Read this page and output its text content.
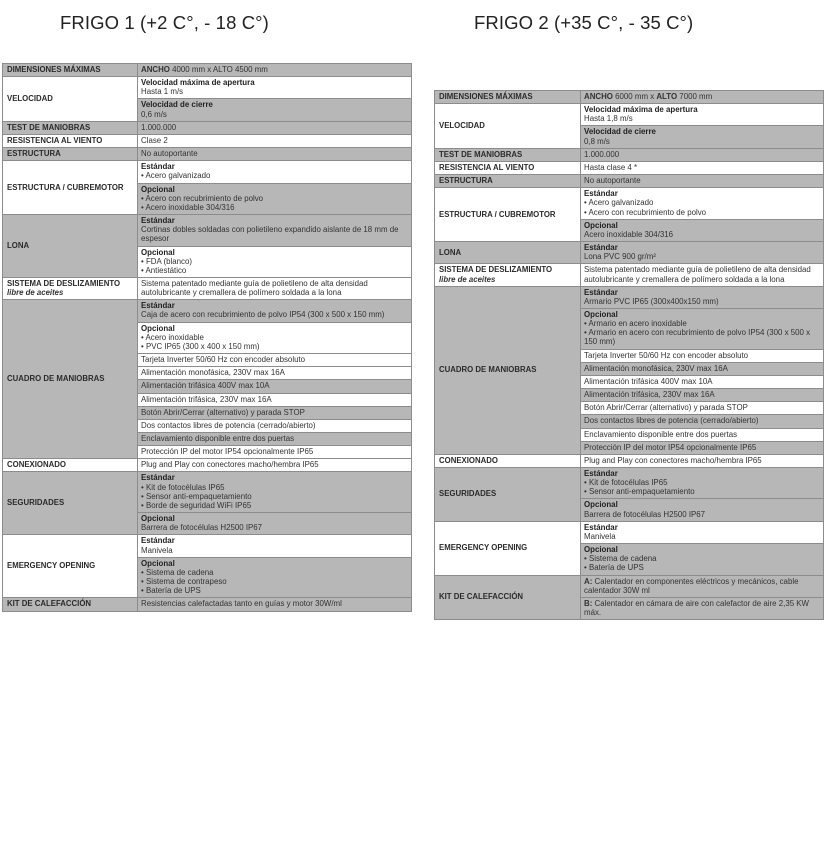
FRIGO 1 (+2 C°, - 18 C°)	FRIGO 2 (+35 C°, - 35 C°)
DIMENSIONES MÁXIMAS	ANCHO 4000 mm x ALTO 4500 mm
VELOCIDAD	Velocidad máxima de apertura
Hasta 1 m/s

	Velocidad de cierre
0,6 m/s

TEST DE MANIOBRAS	1.000.000

RESISTENCIA AL VIENTO	Clase 2

ESTRUCTURA	No autoportante

ESTRUCTURA / CUBREMOTOR	Estándar
• Acero galvanizado

	Opcional
• Acero con recubrimiento de polvo
• Acero inoxidable 304/316

LONA	Estándar
Cortinas dobles soldadas con polietileno expandido aislante de 18 mm de espesor

	Opcional
• FDA (blanco)
• Antiestático

SISTEMA DE DESLIZAMIENTO
libre de aceites	Sistema patentado mediante guía de polietileno de alta densidad autolubricante y cremallera de polímero soldada a la lona

CUADRO DE MANIOBRAS	Estándar
Caja de acero con recubrimiento de polvo IP54 (300 x 500 x 150 mm)

	Opcional
• Acero inoxidable
• PVC IP65 (300 x 400 x 150 mm)

	Tarjeta Inverter 50/60 Hz con encoder absoluto

	Alimentación monofásica, 230V max 16A

	Alimentación trifásica 400V max 10A

	Alimentación trifásica, 230V max 16A

	Botón Abrir/Cerrar (alternativo) y parada STOP

	Dos contactos libres de potencia (cerrado/abierto)

	Enclavamiento disponible entre dos puertas

	Protección IP del motor IP54 opcionalmente IP65

CONEXIONADO	Plug and Play con conectores macho/hembra IP65

SEGURIDADES	Estándar
• Kit de fotocélulas IP65
• Sensor anti-empaquetamiento
• Borde de seguridad WiFi IP65

	Opcional
Barrera de fotocélulas H2500 IP67

EMERGENCY OPENING	Estándar
Manivela

	Opcional
• Sistema de cadena
• Sistema de contrapeso
• Batería de UPS

KIT DE CALEFACCIÓN	Resistencias calefactadas tanto en guías y motor 30W/ml
DIMENSIONES MÁXIMAS	ANCHO 6000 mm x ALTO 7000 mm
VELOCIDAD	Velocidad máxima de apertura
Hasta 1,8 m/s

	Velocidad de cierre
0,8 m/s

TEST DE MANIOBRAS	1.000.000

RESISTENCIA AL VIENTO	Hasta clase 4 *

ESTRUCTURA	No autoportante

ESTRUCTURA / CUBREMOTOR	Estándar
• Acero galvanizado
• Acero con recubrimiento de polvo

	Opcional
Acero inoxidable 304/316

LONA	Estándar
Lona PVC 900 gr/m²

SISTEMA DE DESLIZAMIENTO
libre de aceites	Sistema patentado mediante guía de polietileno de alta densidad autolubricante y cremallera de polímero soldada a la lona

CUADRO DE MANIOBRAS	Estándar
Armario PVC IP65 (300x400x150 mm)

	Opcional
• Armario en acero inoxidable
• Armario en acero con recubrimiento de polvo IP54 (300 x 500 x 150 mm)

	Tarjeta Inverter 50/60 Hz con encoder absoluto

	Alimentación monofásica, 230V max 16A

	Alimentación trifásica 400V max 10A

	Alimentación trifásica, 230V max 16A

	Botón Abrir/Cerrar (alternativo) y parada STOP

	Dos contactos libres de potencia (cerrado/abierto)

	Enclavamiento disponible entre dos puertas

	Protección IP del motor IP54 opcionalmente IP65

CONEXIONADO	Plug and Play con conectores macho/hembra IP65

SEGURIDADES	Estándar
• Kit de fotocélulas IP65
• Sensor anti-empaquetamiento

	Opcional
Barrera de fotocélulas H2500 IP67

EMERGENCY OPENING	Estándar
Manivela

	Opcional
• Sistema de cadena
• Batería de UPS

KIT DE CALEFACCIÓN	A: Calentador en componentes eléctricos y mecánicos, cable calentador 30W ml
	B: Calentador en cámara de aire con calefactor de aire 2,35 KW máx.
